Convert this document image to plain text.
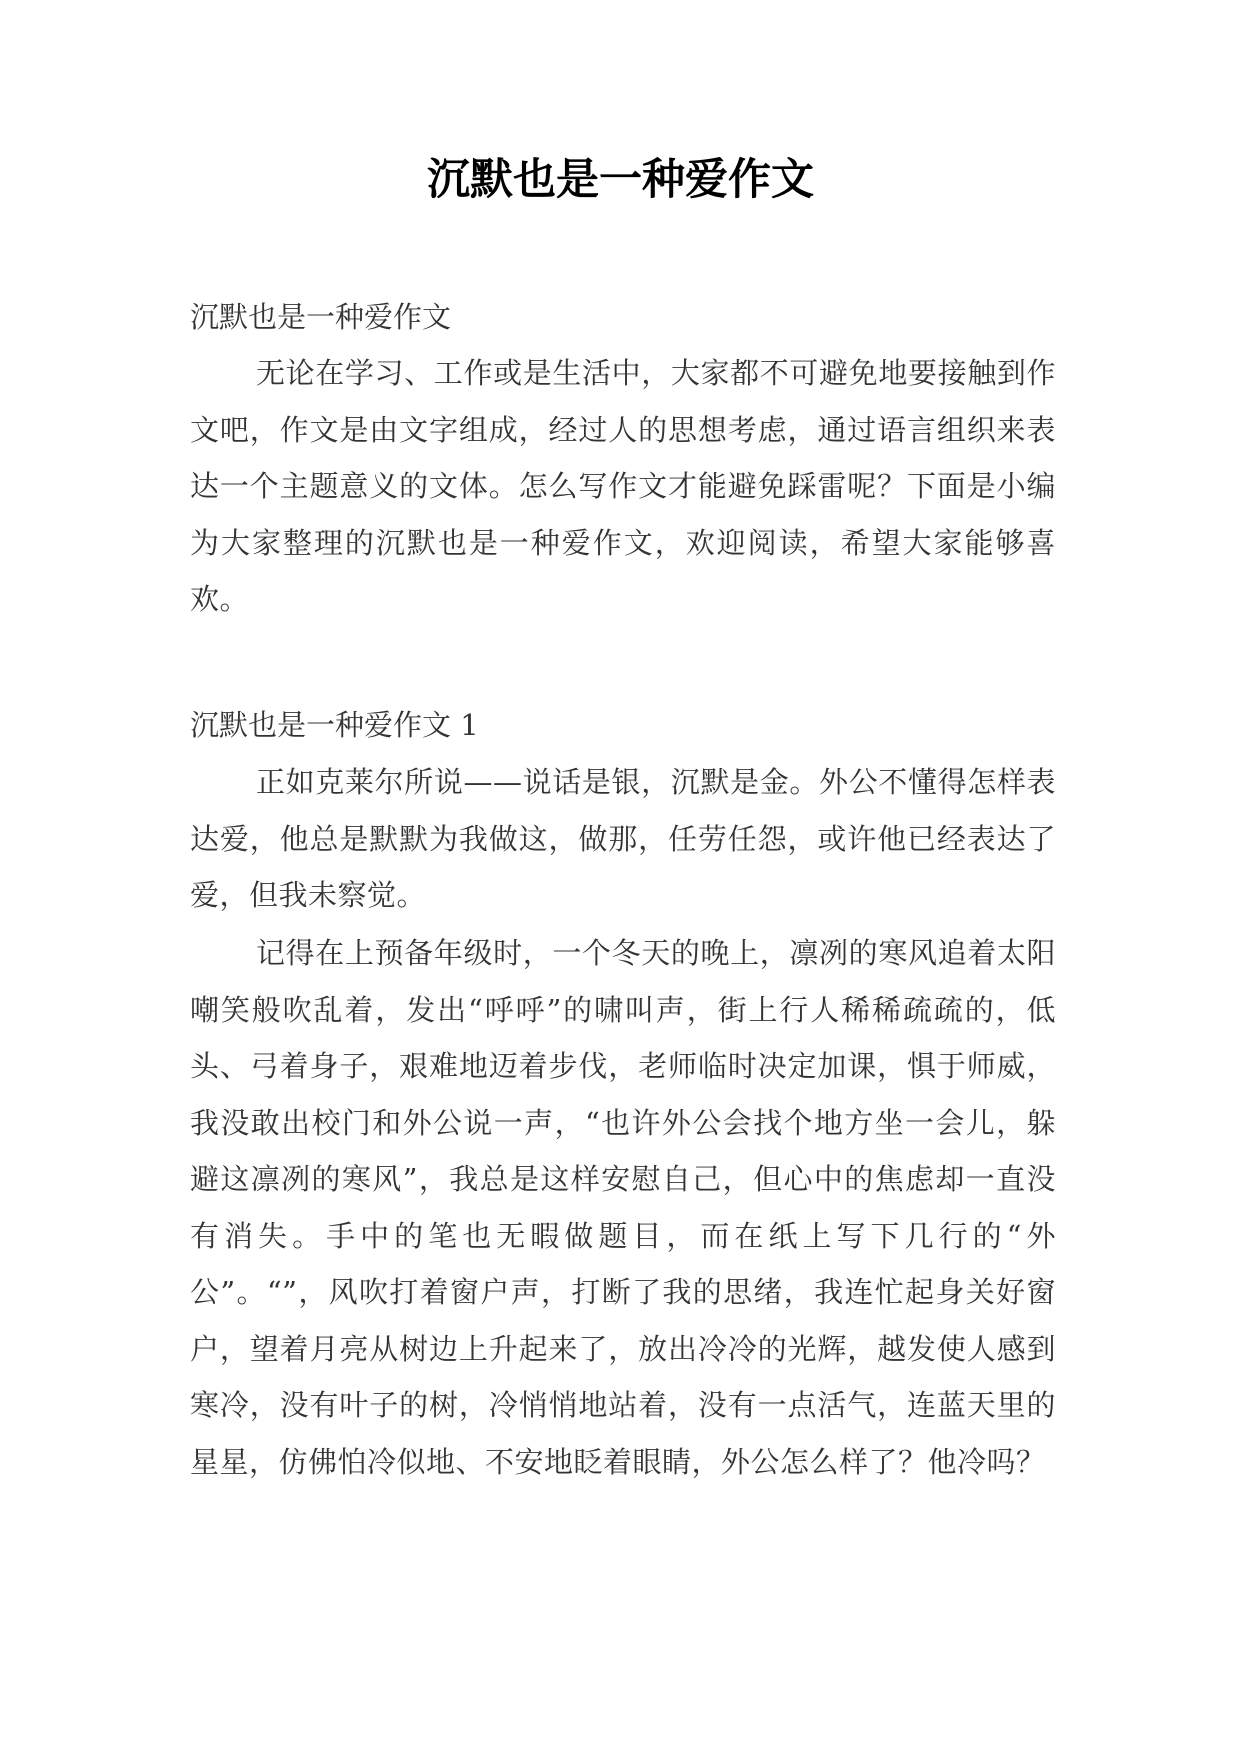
沉默也是一种爱作文

沉默也是一种爱作文

无论在学习、工作或是生活中，大家都不可避免地要接触到作文吧，作文是由文字组成，经过人的思想考虑，通过语言组织来表达一个主题意义的文体。怎么写作文才能避免踩雷呢？下面是小编为大家整理的沉默也是一种爱作文，欢迎阅读，希望大家能够喜欢。

沉默也是一种爱作文 1

正如克莱尔所说——说话是银，沉默是金。外公不懂得怎样表达爱，他总是默默为我做这，做那，任劳任怨，或许他已经表达了爱，但我未察觉。

记得在上预备年级时，一个冬天的晚上，凛冽的寒风追着太阳嘲笑般吹乱着，发出“呼呼”的啸叫声，街上行人稀稀疏疏的，低头、弓着身子，艰难地迈着步伐，老师临时决定加课，惧于师威，我没敢出校门和外公说一声，“也许外公会找个地方坐一会儿，躲避这凛冽的寒风”，我总是这样安慰自己，但心中的焦虑却一直没有消失。手中的笔也无暇做题目，而在纸上写下几行的“外公”。“”，风吹打着窗户声，打断了我的思绪，我连忙起身关好窗户，望着月亮从树边上升起来了，放出冷冷的光辉，越发使人感到寒冷，没有叶子的树，冷悄悄地站着，没有一点活气，连蓝天里的星星，仿佛怕冷似地、不安地眨着眼睛，外公怎么样了？他冷吗？
